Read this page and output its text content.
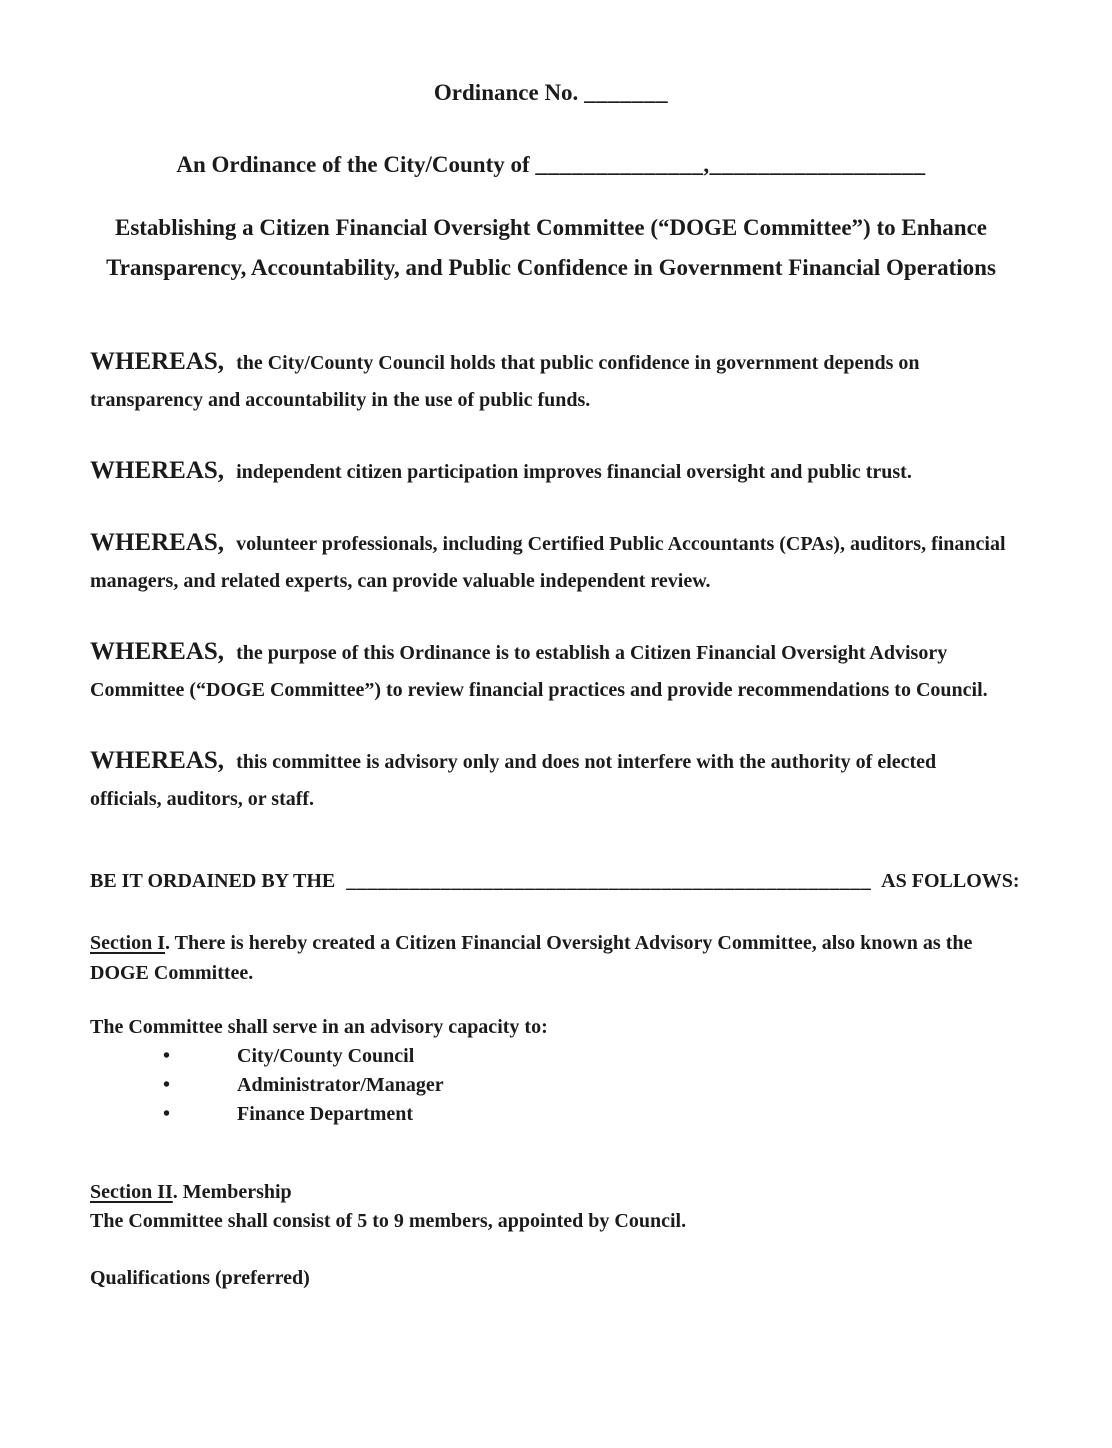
Ordinance No. _______
An Ordinance of the City/County of ______________,__________________
Establishing a Citizen Financial Oversight Committee (“DOGE Committee”) to Enhance
Transparency, Accountability, and Public Confidence in Government Financial Operations

WHEREAS, the City/County Council holds that public confidence in government depends on transparency and accountability in the use of public funds.

WHEREAS, independent citizen participation improves financial oversight and public trust.

WHEREAS, volunteer professionals, including Certified Public Accountants (CPAs), auditors, financial managers, and related experts, can provide valuable independent review.

WHEREAS, the purpose of this Ordinance is to establish a Citizen Financial Oversight Advisory Committee (“DOGE Committee”) to review financial practices and provide recommendations to Council.

WHEREAS, this committee is advisory only and does not interfere with the authority of elected officials, auditors, or staff.

BE IT ORDAINED BY THE __________________________________________________ AS FOLLOWS:
Section I. There is hereby created a Citizen Financial Oversight Advisory Committee, also known as the DOGE Committee.
The Committee shall serve in an advisory capacity to:
•	City/County Council
•	Administrator/Manager
•	Finance Department
Section II. Membership
The Committee shall consist of 5 to 9 members, appointed by Council.
Qualifications (preferred)
